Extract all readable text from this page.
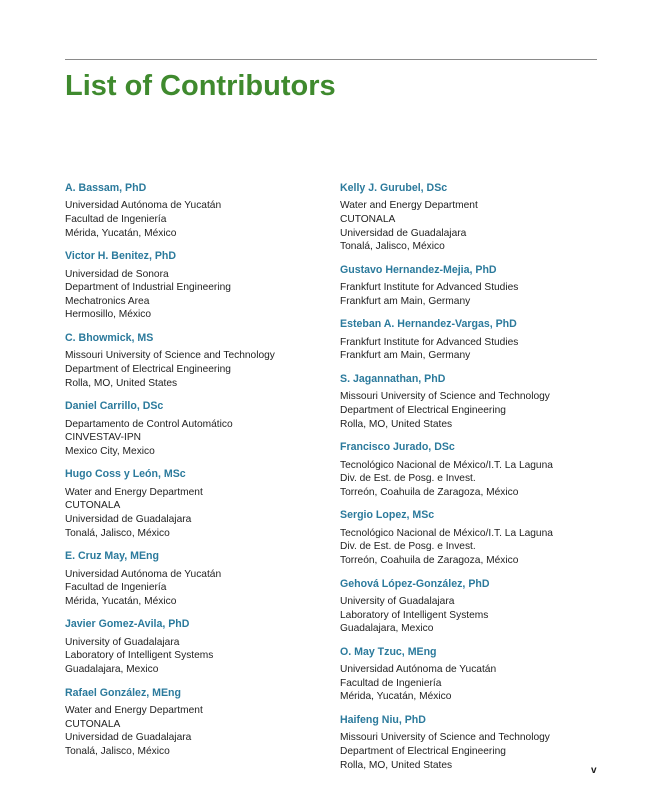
List of Contributors
A. Bassam, PhD
Universidad Autónoma de Yucatán
Facultad de Ingeniería
Mérida, Yucatán, México
Victor H. Benitez, PhD
Universidad de Sonora
Department of Industrial Engineering
Mechatronics Area
Hermosillo, México
C. Bhowmick, MS
Missouri University of Science and Technology
Department of Electrical Engineering
Rolla, MO, United States
Daniel Carrillo, DSc
Departamento de Control Automático
CINVESTAV-IPN
Mexico City, Mexico
Hugo Coss y León, MSc
Water and Energy Department
CUTONALA
Universidad de Guadalajara
Tonalá, Jalisco, México
E. Cruz May, MEng
Universidad Autónoma de Yucatán
Facultad de Ingeniería
Mérida, Yucatán, México
Javier Gomez-Avila, PhD
University of Guadalajara
Laboratory of Intelligent Systems
Guadalajara, Mexico
Rafael González, MEng
Water and Energy Department
CUTONALA
Universidad de Guadalajara
Tonalá, Jalisco, México
Kelly J. Gurubel, DSc
Water and Energy Department
CUTONALA
Universidad de Guadalajara
Tonalá, Jalisco, México
Gustavo Hernandez-Mejia, PhD
Frankfurt Institute for Advanced Studies
Frankfurt am Main, Germany
Esteban A. Hernandez-Vargas, PhD
Frankfurt Institute for Advanced Studies
Frankfurt am Main, Germany
S. Jagannathan, PhD
Missouri University of Science and Technology
Department of Electrical Engineering
Rolla, MO, United States
Francisco Jurado, DSc
Tecnológico Nacional de México/I.T. La Laguna
Div. de Est. de Posg. e Invest.
Torreón, Coahuila de Zaragoza, México
Sergio Lopez, MSc
Tecnológico Nacional de México/I.T. La Laguna
Div. de Est. de Posg. e Invest.
Torreón, Coahuila de Zaragoza, México
Gehová López-González, PhD
University of Guadalajara
Laboratory of Intelligent Systems
Guadalajara, Mexico
O. May Tzuc, MEng
Universidad Autónoma de Yucatán
Facultad de Ingeniería
Mérida, Yucatán, México
Haifeng Niu, PhD
Missouri University of Science and Technology
Department of Electrical Engineering
Rolla, MO, United States	v
